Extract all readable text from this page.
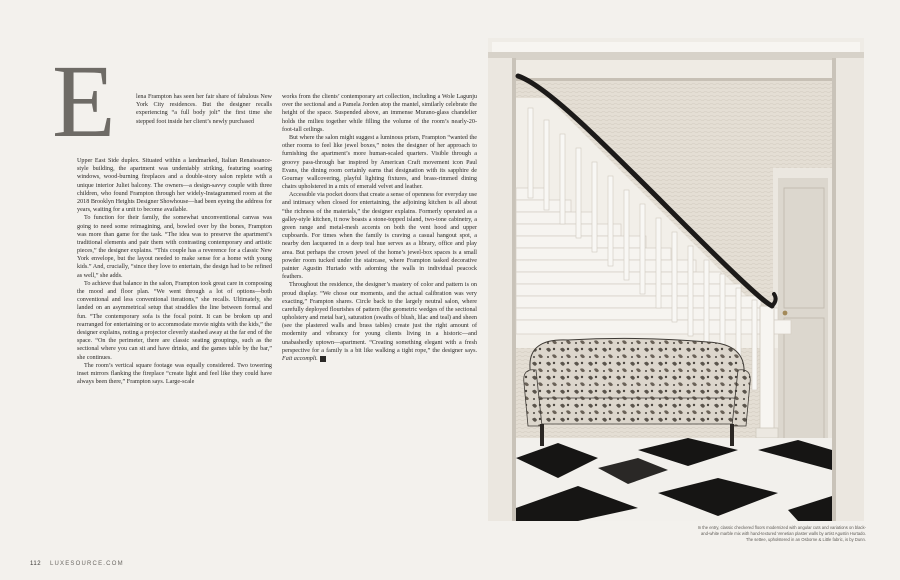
E	lena Frampton has seen her fair share of fabulous New York City residences. But the designer recalls experiencing “a full body jolt” the first time she stepped foot inside her client’s newly purchased

Upper East Side duplex. Situated within a landmarked, Italian Renaissance-style building, the apartment was undeniably striking, featuring soaring windows, wood-burning fireplaces and a double-story salon replete with a unique interior Juliet balcony. The owners—a design-savvy couple with three children, who found Frampton through her widely-Instagrammed room at the 2018 Brooklyn Heights Designer Showhouse—had been eyeing the address for years, waiting for a unit to become available.

To function for their family, the somewhat unconventional canvas was going to need some reimagining, and, bowled over by the bones, Frampton was more than game for the task. “The idea was to preserve the apartment’s traditional elements and pair them with contrasting contemporary and artistic pieces,” the designer explains. “This couple has a reverence for a classic New York envelope, but the layout needed to make sense for a home with young kids.” And, crucially, “since they love to entertain, the design had to be refined as well,” she adds.

To achieve that balance in the salon, Frampton took great care in composing the mood and floor plan. “We went through a lot of options—both conventional and less conventional iterations,” she recalls. Ultimately, she landed on an asymmetrical setup that straddles the line between formal and fun. “The contemporary sofa is the focal point. It can be broken up and rearranged for entertaining or to accommodate movie nights with the kids,” the designer explains, noting a projector cleverly stashed away at the far end of the space. “On the perimeter, there are classic seating groupings, such as the sectional where you can sit and have drinks, and the games table by the bar,” she continues.

The room’s vertical square footage was equally considered. Two towering inset mirrors flanking the fireplace “create light and feel like they could have always been there,” Frampton says. Large-scale

works from the clients’ contemporary art collection, including a Wole Lagunju over the sectional and a Pamela Jorden atop the mantel, similarly celebrate the height of the space. Suspended above, an immense Murano-glass chandelier holds the milieu together while filling the volume of the room’s nearly-20-foot-tall ceilings.

But where the salon might suggest a luminous prism, Frampton “wanted the other rooms to feel like jewel boxes,” notes the designer of her approach to furnishing the apartment’s more human-scaled quarters. Visible through a groovy pass-through bar inspired by American Craft movement icon Paul Evans, the dining room certainly earns that designation with its sapphire de Gournay wallcovering, playful lighting fixtures, and brass-rimmed dining chairs upholstered in a mix of emerald velvet and leather.

Accessible via pocket doors that create a sense of openness for everyday use and intimacy when closed for entertaining, the adjoining kitchen is all about “the richness of the materials,” the designer explains. Formerly operated as a galley-style kitchen, it now boasts a stone-topped island, two-tone cabinetry, a green range and metal-mesh accents on both the vent hood and upper cupboards. For times when the family is craving a casual hangout spot, a nearby den lacquered in a deep teal hue serves as a library, office and play area. But perhaps the crown jewel of the home’s jewel-box spaces is a small powder room tucked under the staircase, where Frampton tasked decorative painter Agustin Hurtado with adorning the walls in individual peacock feathers.

Throughout the residence, the designer’s mastery of color and pattern is on proud display. “We chose our moments, and the actual calibration was very exacting,” Frampton shares. Circle back to the largely neutral salon, where carefully deployed flourishes of pattern (the geometric wedges of the sectional upholstery and metal bar), saturation (swaths of blush, lilac and teal) and sheen (see the plastered walls and brass tables) create just the right amount of modernity and vibrancy for young clients living in a historic—and unabashedly uptown—apartment. “Creating something elegant with a fresh perspective for a family is a bit like walking a tight rope,” the designer says. Fait accompli.

112 LUXESOURCE.COM
In the entry, classic checkered floors modernized with angular cuts and variations on black-
and-white marble mix with hand-textured Venetian plaster walls by artist Agustin Hurtado.
The settee, upholstered in an Osborne & Little fabric, is by Dunn.
